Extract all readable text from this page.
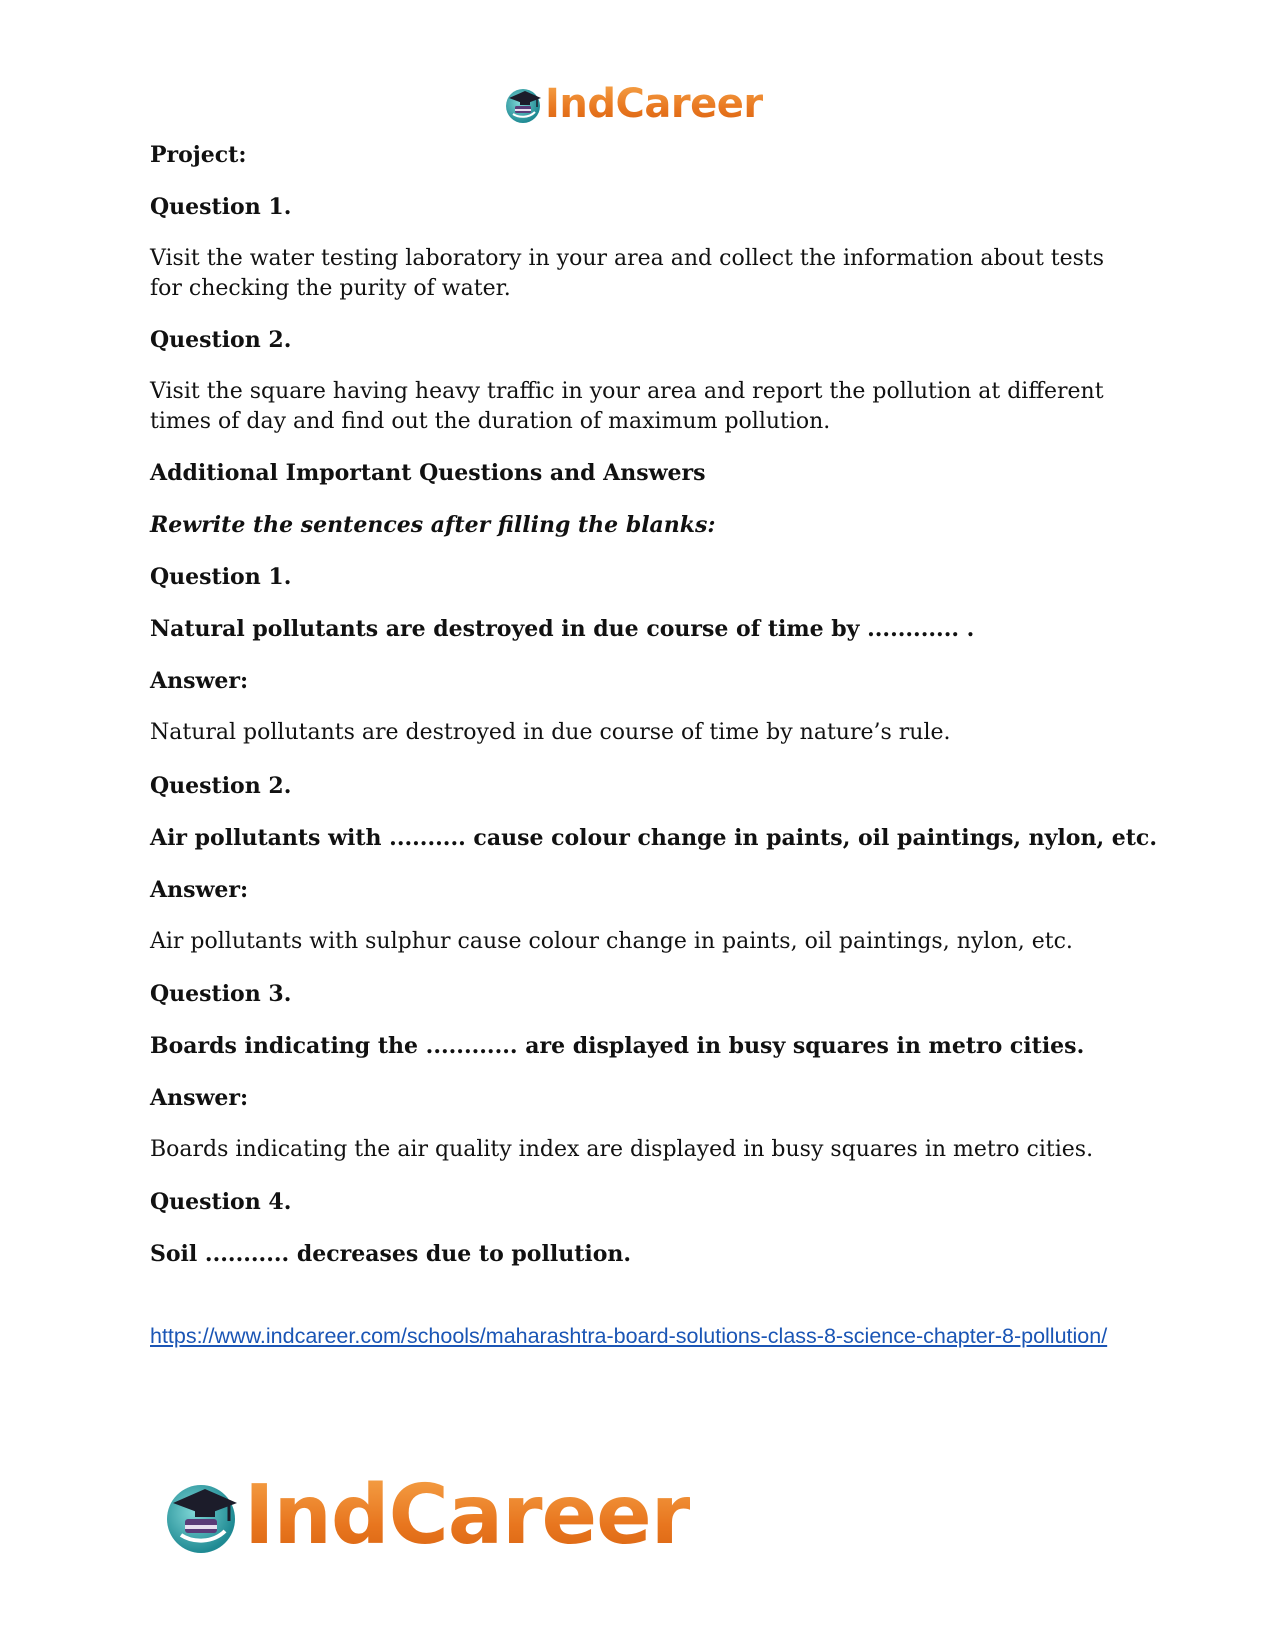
IndCareer
Project:
Question 1.
Visit the water testing laboratory in your area and collect the information about tests for checking the purity of water.
Question 2.
Visit the square having heavy traffic in your area and report the pollution at different times of day and find out the duration of maximum pollution.
Additional Important Questions and Answers
Rewrite the sentences after filling the blanks:
Question 1.
Natural pollutants are destroyed in due course of time by ............ .
Answer:
Natural pollutants are destroyed in due course of time by nature’s rule.
Question 2.
Air pollutants with .......... cause colour change in paints, oil paintings, nylon, etc.
Answer:
Air pollutants with sulphur cause colour change in paints, oil paintings, nylon, etc.
Question 3.
Boards indicating the ............ are displayed in busy squares in metro cities.
Answer:
Boards indicating the air quality index are displayed in busy squares in metro cities.
Question 4.
Soil ........... decreases due to pollution.
https://www.indcareer.com/schools/maharashtra-board-solutions-class-8-science-chapter-8-pollution/
IndCareer
